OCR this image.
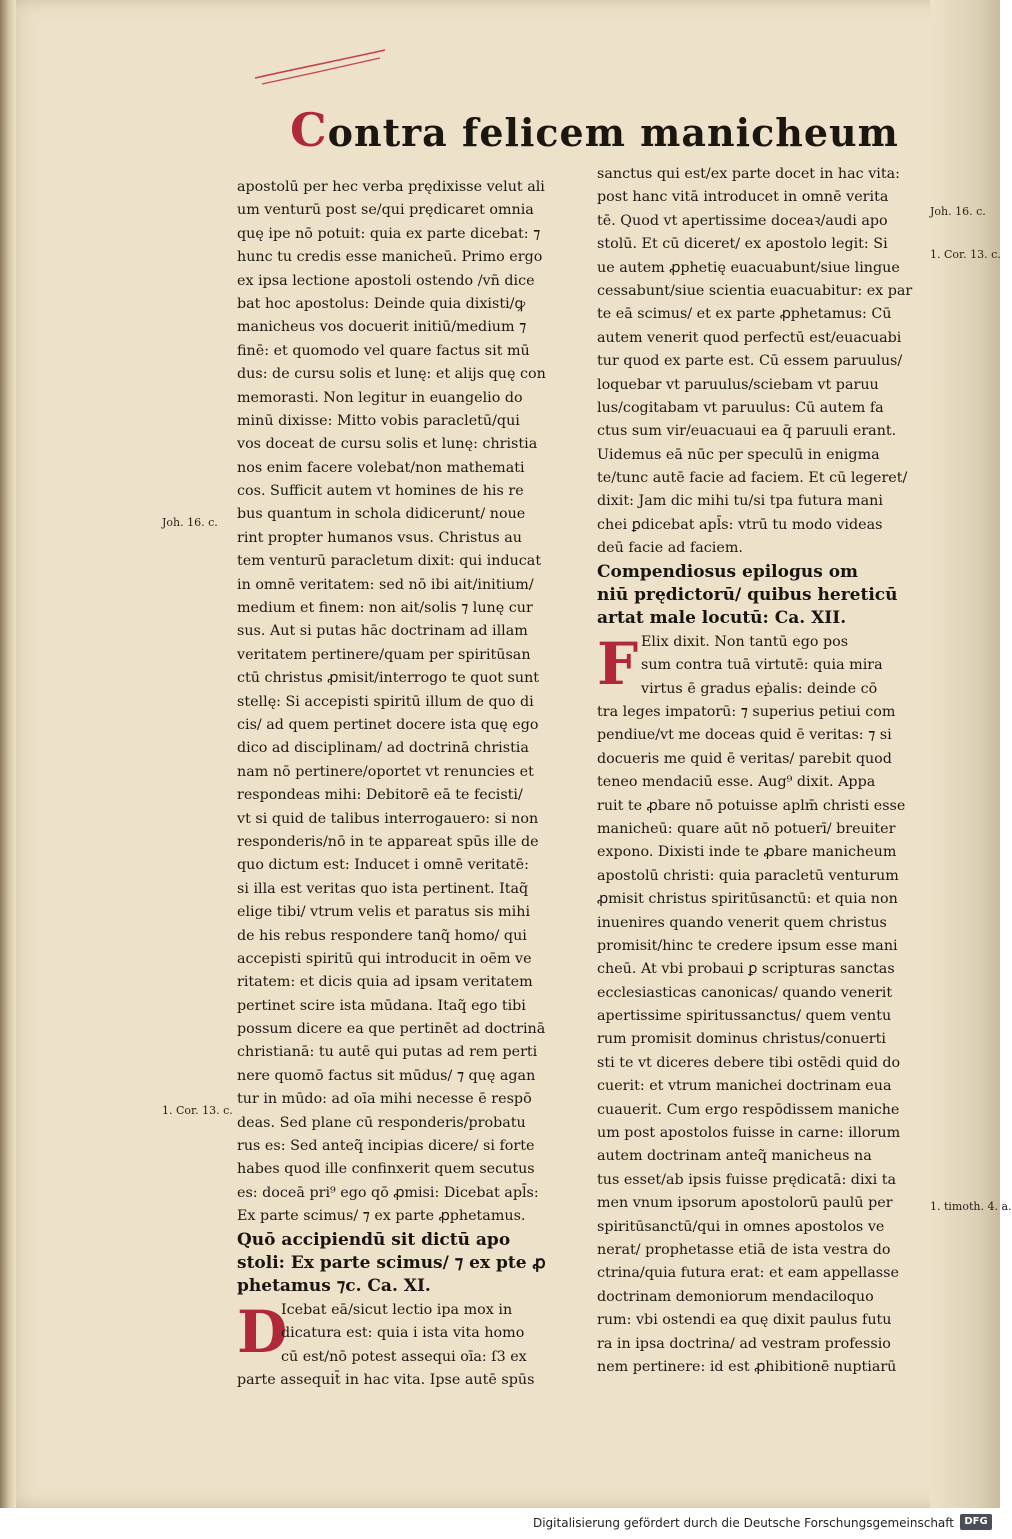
Contra felicem manicheum
apostolū per hec verba prędixisse velut ali
um venturū post se/qui prędicaret omnia
quę ipe nō potuit: quia ex parte dicebat: ⁊
hunc tu credis esse manicheū. Primo ergo
ex ipsa lectione apostoli ostendo /vn̄ dice
bat hoc apostolus: Deinde quia dixisti/ꝙ
manicheus vos docuerit initiū/medium ⁊
finē: et quomodo vel quare factus sit mū
dus: de cursu solis et lunę: et alijs quę con
memorasti. Non legitur in euangelio do
minū dixisse: Mitto vobis paracletū/qui
vos doceat de cursu solis et lunę: christia
nos enim facere volebat/non mathemati
cos. Sufficit autem vt homines de his re
bus quantum in schola didicerunt/ noue
rint propter humanos vsus. Christus au
tem venturū paracletum dixit: qui inducat
in omnē veritatem: sed nō ibi ait/initium/
medium et finem: non ait/solis ⁊ lunę cur
sus. Aut si putas hāc doctrinam ad illam
veritatem pertinere/quam per spiritūsan
ctū christus ꝓmisit/interrogo te quot sunt
stellę: Si accepisti spiritū illum de quo di
cis/ ad quem pertinet docere ista quę ego
dico ad disciplinam/ ad doctrinā christia
nam nō pertinere/oportet vt renuncies et
respondeas mihi: Debitorē eā te fecisti/
vt si quid de talibus interrogauero: si non
responderis/nō in te appareat spūs ille de
quo dictum est: Inducet i omnē veritatē:
si illa est veritas quo ista pertinent. Itaq̃
elige tibi/ vtrum velis et paratus sis mihi
de his rebus respondere tanq̃ homo/ qui
accepisti spiritū qui introducit in oēm ve
ritatem: et dicis quia ad ipsam veritatem
pertinet scire ista mūdana. Itaq̃ ego tibi
possum dicere ea que pertinēt ad doctrinā
christianā: tu autē qui putas ad rem perti
nere quomō factus sit mūdus/ ⁊ quę agan
tur in mūdo: ad oīa mihi necesse ē respō
deas. Sed plane cū responderis/probatu
rus es: Sed anteq̃ incipias dicere/ si forte
habes quod ille confinxerit quem secutus
es: doceā pri⁹ ego qō ꝓmisi: Dicebat apl̄s:
Ex parte scimus/ ⁊ ex parte ꝓphetamus.
Quō accipiendū sit dictū apo
stoli: Ex parte scimus/ ⁊ ex pte ꝓ
phetamus ⁊c. Ca. XI.
D
Icebat eā/sicut lectio ipa mox in
dicatura est: quia i ista vita homo
cū est/nō potest assequi oīa: ſ3 ex
parte assequit̄ in hac vita. Ipse autē spūs
sanctus qui est/ex parte docet in hac vita:
post hanc vitā introducet in omnē verita
tē. Quod vt apertissime doceaꝛ/audi apo
stolū. Et cū diceret/ ex apostolo legit: Si
ue autem ꝓphetię euacuabunt/siue lingue
cessabunt/siue scientia euacuabitur: ex par
te eā scimus/ et ex parte ꝓphetamus: Cū
autem venerit quod perfectū est/euacuabi
tur quod ex parte est. Cū essem paruulus/
loquebar vt paruulus/sciebam vt paruu
lus/cogitabam vt paruulus: Cū autem fa
ctus sum vir/euacuaui ea q̄ paruuli erant.
Uidemus eā nūc per speculū in enigma
te/tunc autē facie ad faciem. Et cū legeret/
dixit: Jam dic mihi tu/si tpa futura mani
chei ꝑdicebat apl̄s: vtrū tu modo videas
deū facie ad faciem.
Compendiosus epilogus om
niū prędictorū/ quibus hereticū
artat male locutū: Ca. XII.
F Elix dixit. Non tantū ego pos
sum contra tuā virtutē: quia mira
virtus ē gradus eṗalis: deinde cō
tra leges impatorū: ⁊ superius petiui com
pendiue/vt me doceas quid ē veritas: ⁊ si
docueris me quid ē veritas/ parebit quod
teneo mendaciū esse. Aug⁹ dixit. Appa
ruit te ꝓbare nō potuisse aplm̄ christi esse
manicheū: quare aūt nō potuerī/ breuiter
expono. Dixisti inde te ꝓbare manicheum
apostolū christi: quia paracletū venturum
ꝓmisit christus spiritūsanctū: et quia non
inuenires quando venerit quem christus
promisit/hinc te credere ipsum esse mani
cheū. At vbi probaui ꝑ scripturas sanctas
ecclesiasticas canonicas/ quando venerit
apertissime spiritussanctus/ quem ventu
rum promisit dominus christus/conuerti
sti te vt diceres debere tibi ostēdi quid do
cuerit: et vtrum manichei doctrinam eua
cuauerit. Cum ergo respōdissem maniche
um post apostolos fuisse in carne: illorum
autem doctrinam anteq̃ manicheus na
tus esset/ab ipsis fuisse prędicatā: dixi ta
men vnum ipsorum apostolorū paulū per
spiritūsanctū/qui in omnes apostolos ve
nerat/ prophetasse etiā de ista vestra do
ctrina/quia futura erat: et eam appellasse
doctrinam demoniorum mendaciloquo
rum: vbi ostendi ea quę dixit paulus futu
ra in ipsa doctrina/ ad vestram professio
nem pertinere: id est ꝓhibitionē nuptiarū
Joh. 16. c.
1. Cor. 13. c.
Joh. 16. c.
1. Cor. 13. c.
1. timoth. 4. a.
Digitalisierung gefördert durch die Deutsche Forschungsgemeinschaft	DFG
